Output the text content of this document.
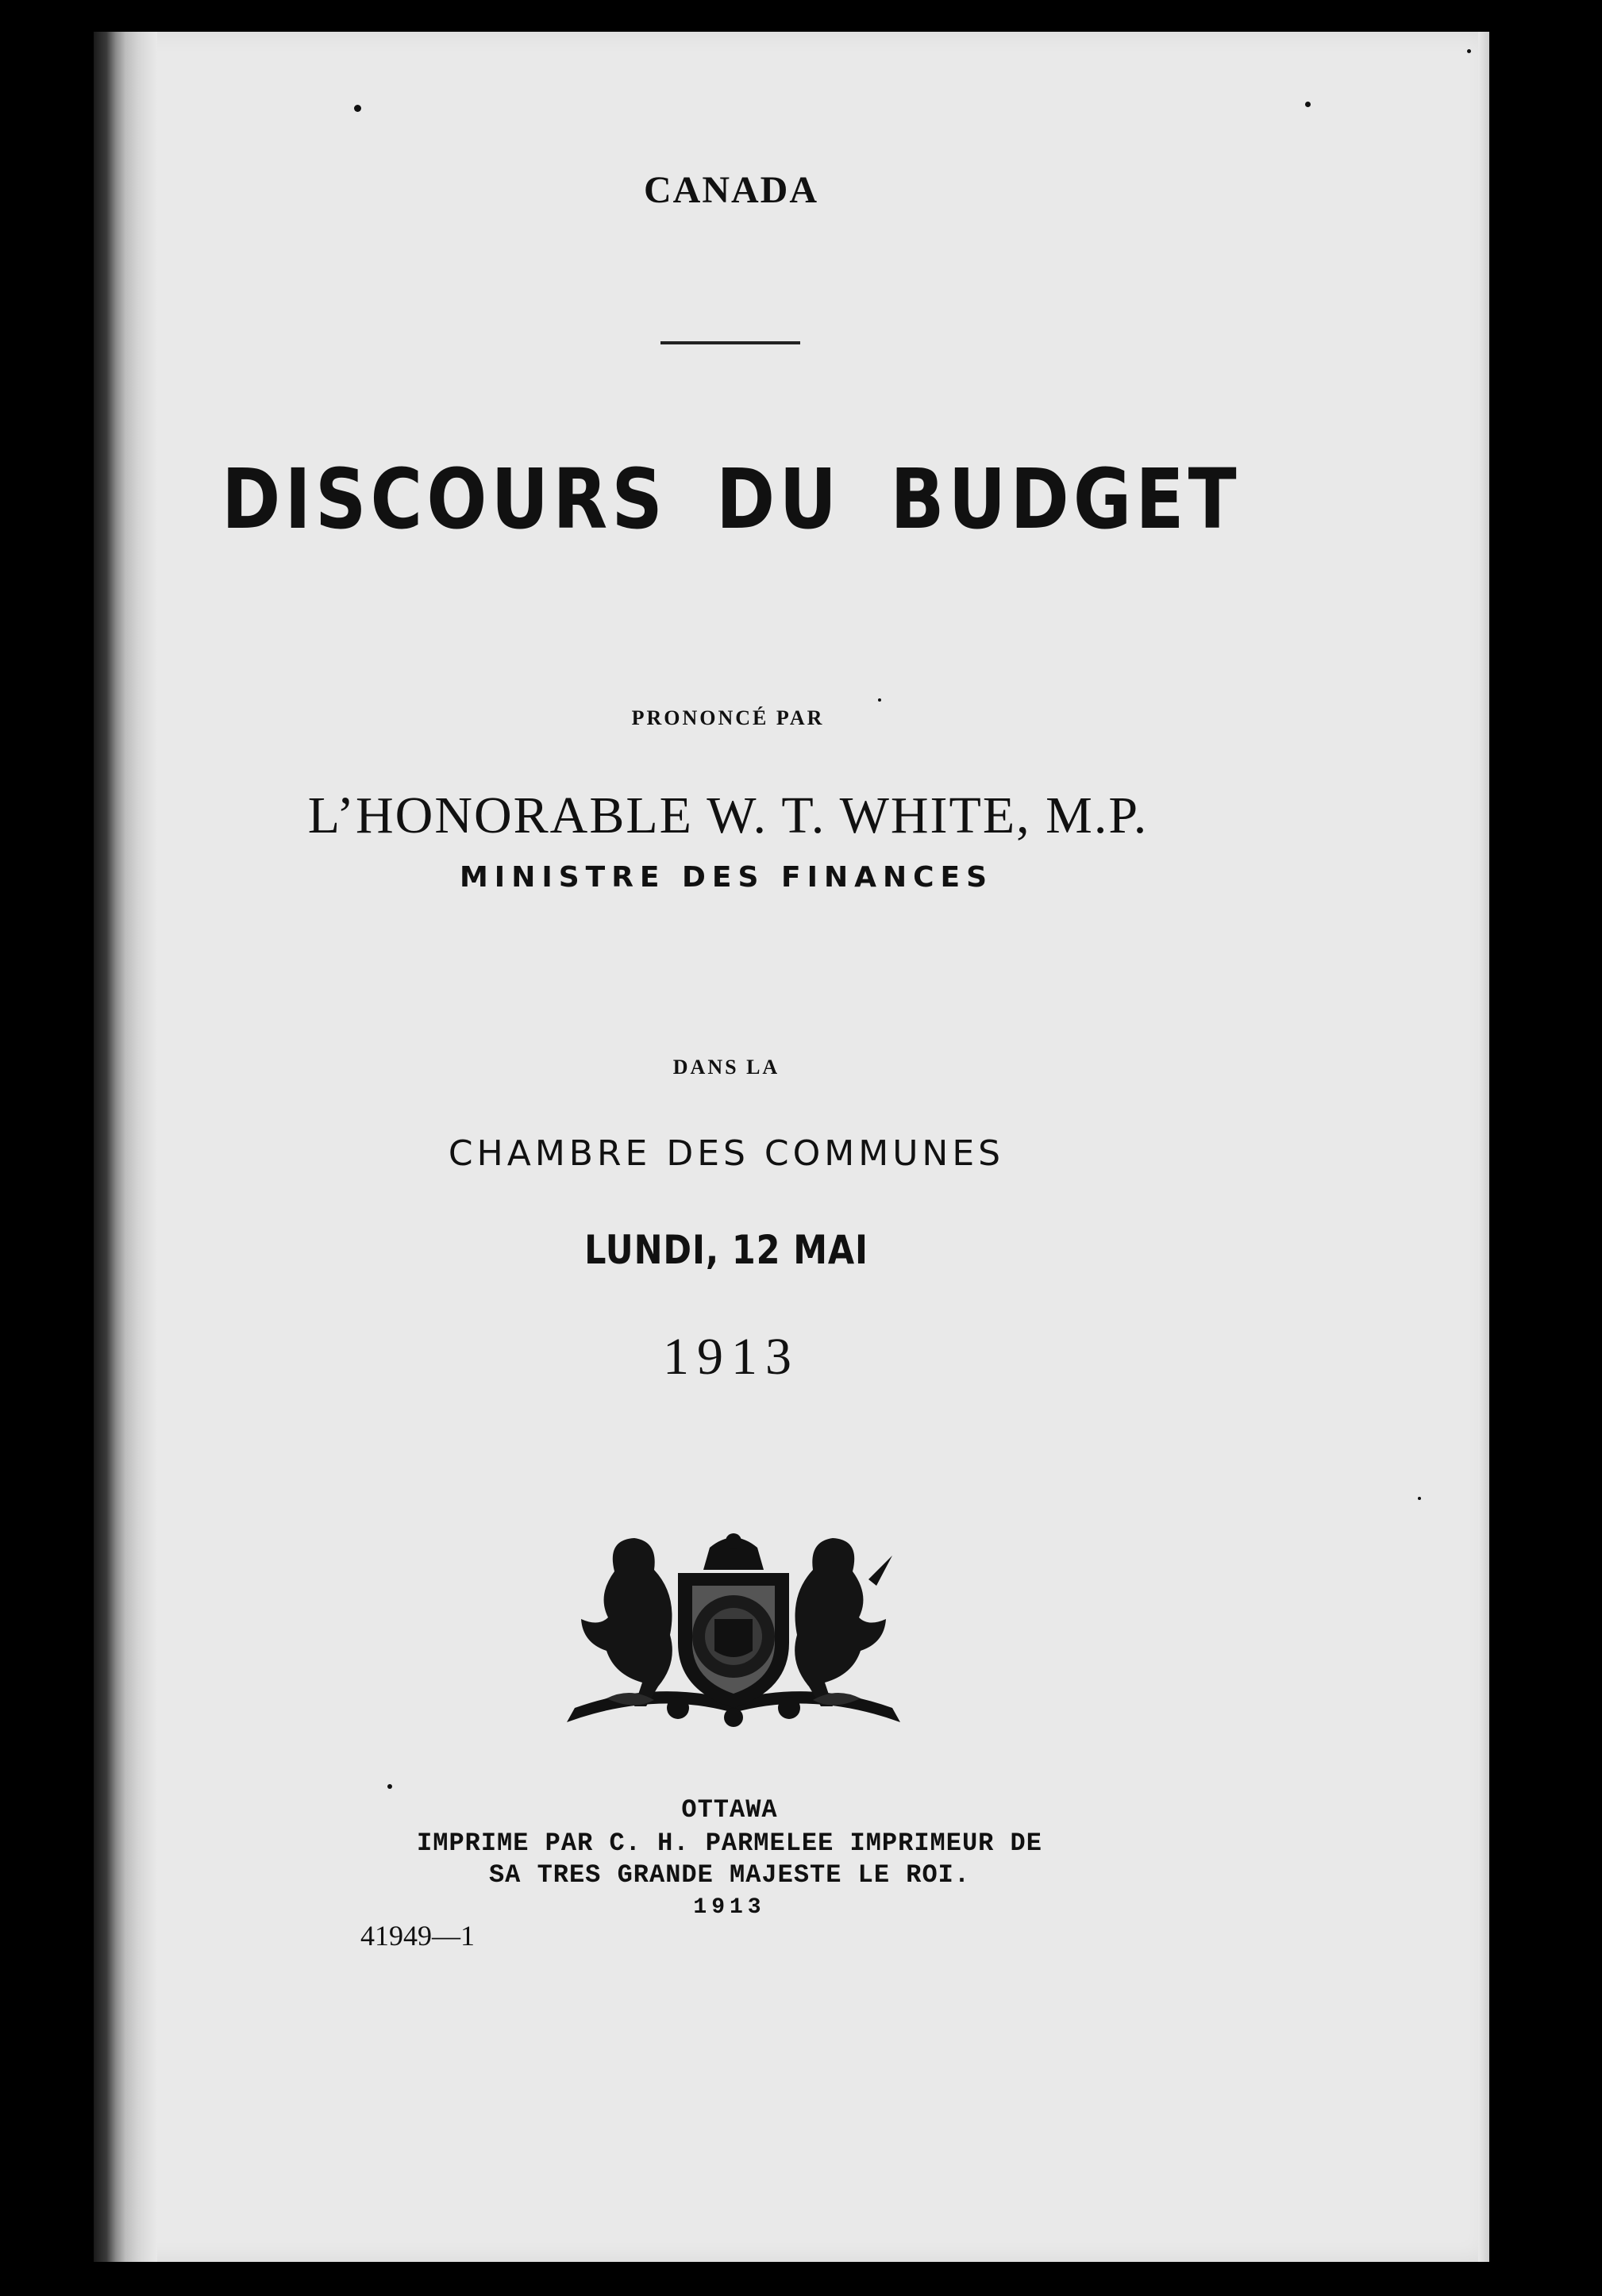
CANADA

DISCOURS DU BUDGET

PRONONCÉ PAR

L’HONORABLE W. T. WHITE, M.P.

MINISTRE DES FINANCES

DANS LA

CHAMBRE DES COMMUNES

LUNDI, 12 MAI

1913

OTTAWA

IMPRIME PAR C. H. PARMELEE IMPRIMEUR DE

SA TRES GRANDE MAJESTE LE ROI.

1913

41949—1
